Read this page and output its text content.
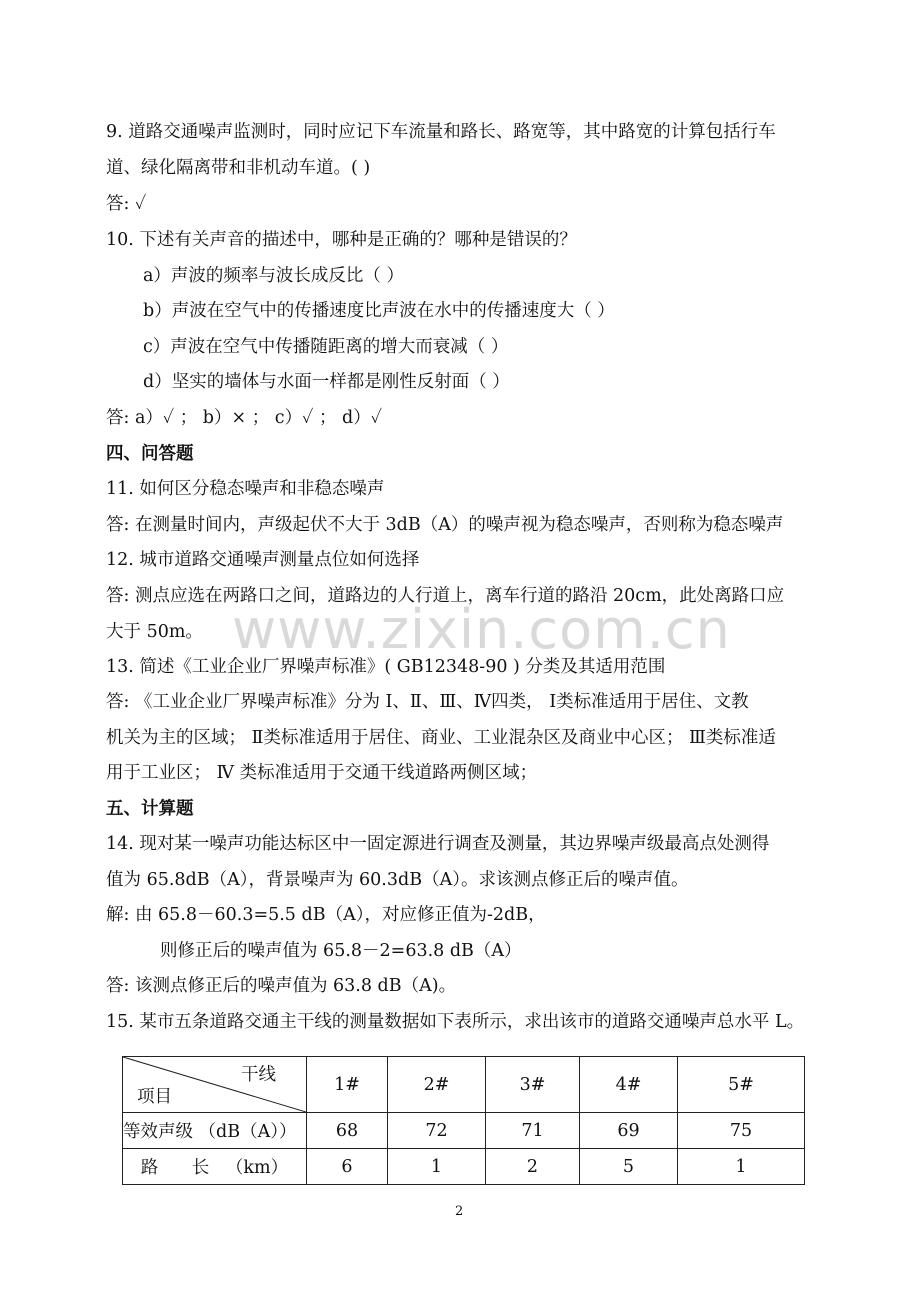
www.zixin.com.cn
9. 道路交通噪声监测时，同时应记下车流量和路长、路宽等，其中路宽的计算包括行车
道、绿化隔离带和非机动车道。( )
答: ✓
10. 下述有关声音的描述中，哪种是正确的？哪种是错误的？
a）声波的频率与波长成反比（ ）
b）声波在空气中的传播速度比声波在水中的传播速度大（ ）
c）声波在空气中传播随距离的增大而衰减（ ）
d）坚实的墙体与水面一样都是刚性反射面（ ）
答: a）✓ ； b）× ； c）✓ ； d）✓
四、问答题
11. 如何区分稳态噪声和非稳态噪声
答: 在测量时间内，声级起伏不大于 3dB（A）的噪声视为稳态噪声，否则称为稳态噪声
12. 城市道路交通噪声测量点位如何选择
答: 测点应选在两路口之间，道路边的人行道上，离车行道的路沿 20cm，此处离路口应
大于 50m。
13. 简述《工业企业厂界噪声标准》( GB12348-90 ) 分类及其适用范围
答: 《工业企业厂界噪声标准》分为 Ⅰ、Ⅱ、Ⅲ、Ⅳ四类， Ⅰ类标准适用于居住、文教
机关为主的区域； Ⅱ类标准适用于居住、商业、工业混杂区及商业中心区； Ⅲ类标准适
用于工业区； Ⅳ 类标准适用于交通干线道路两侧区域；
五、计算题
14. 现对某一噪声功能达标区中一固定源进行调查及测量，其边界噪声级最高点处测得
值为 65.8dB（A），背景噪声为 60.3dB（A）。求该测点修正后的噪声值。
解: 由 65.8－60.3=5.5 dB（A），对应修正值为-2dB，
则修正后的噪声值为 65.8－2=63.8 dB（A）
答: 该测点修正后的噪声值为 63.8 dB（A)。
15. 某市五条道路交通主干线的测量数据如下表所示，求出该市的道路交通噪声总水平 L。
干线
项目	1#	2#	3#	4#	5#
等效声级 （dB（A））	68	72	71	69	75
路      长   （km）	6	1	2	5	1
2
